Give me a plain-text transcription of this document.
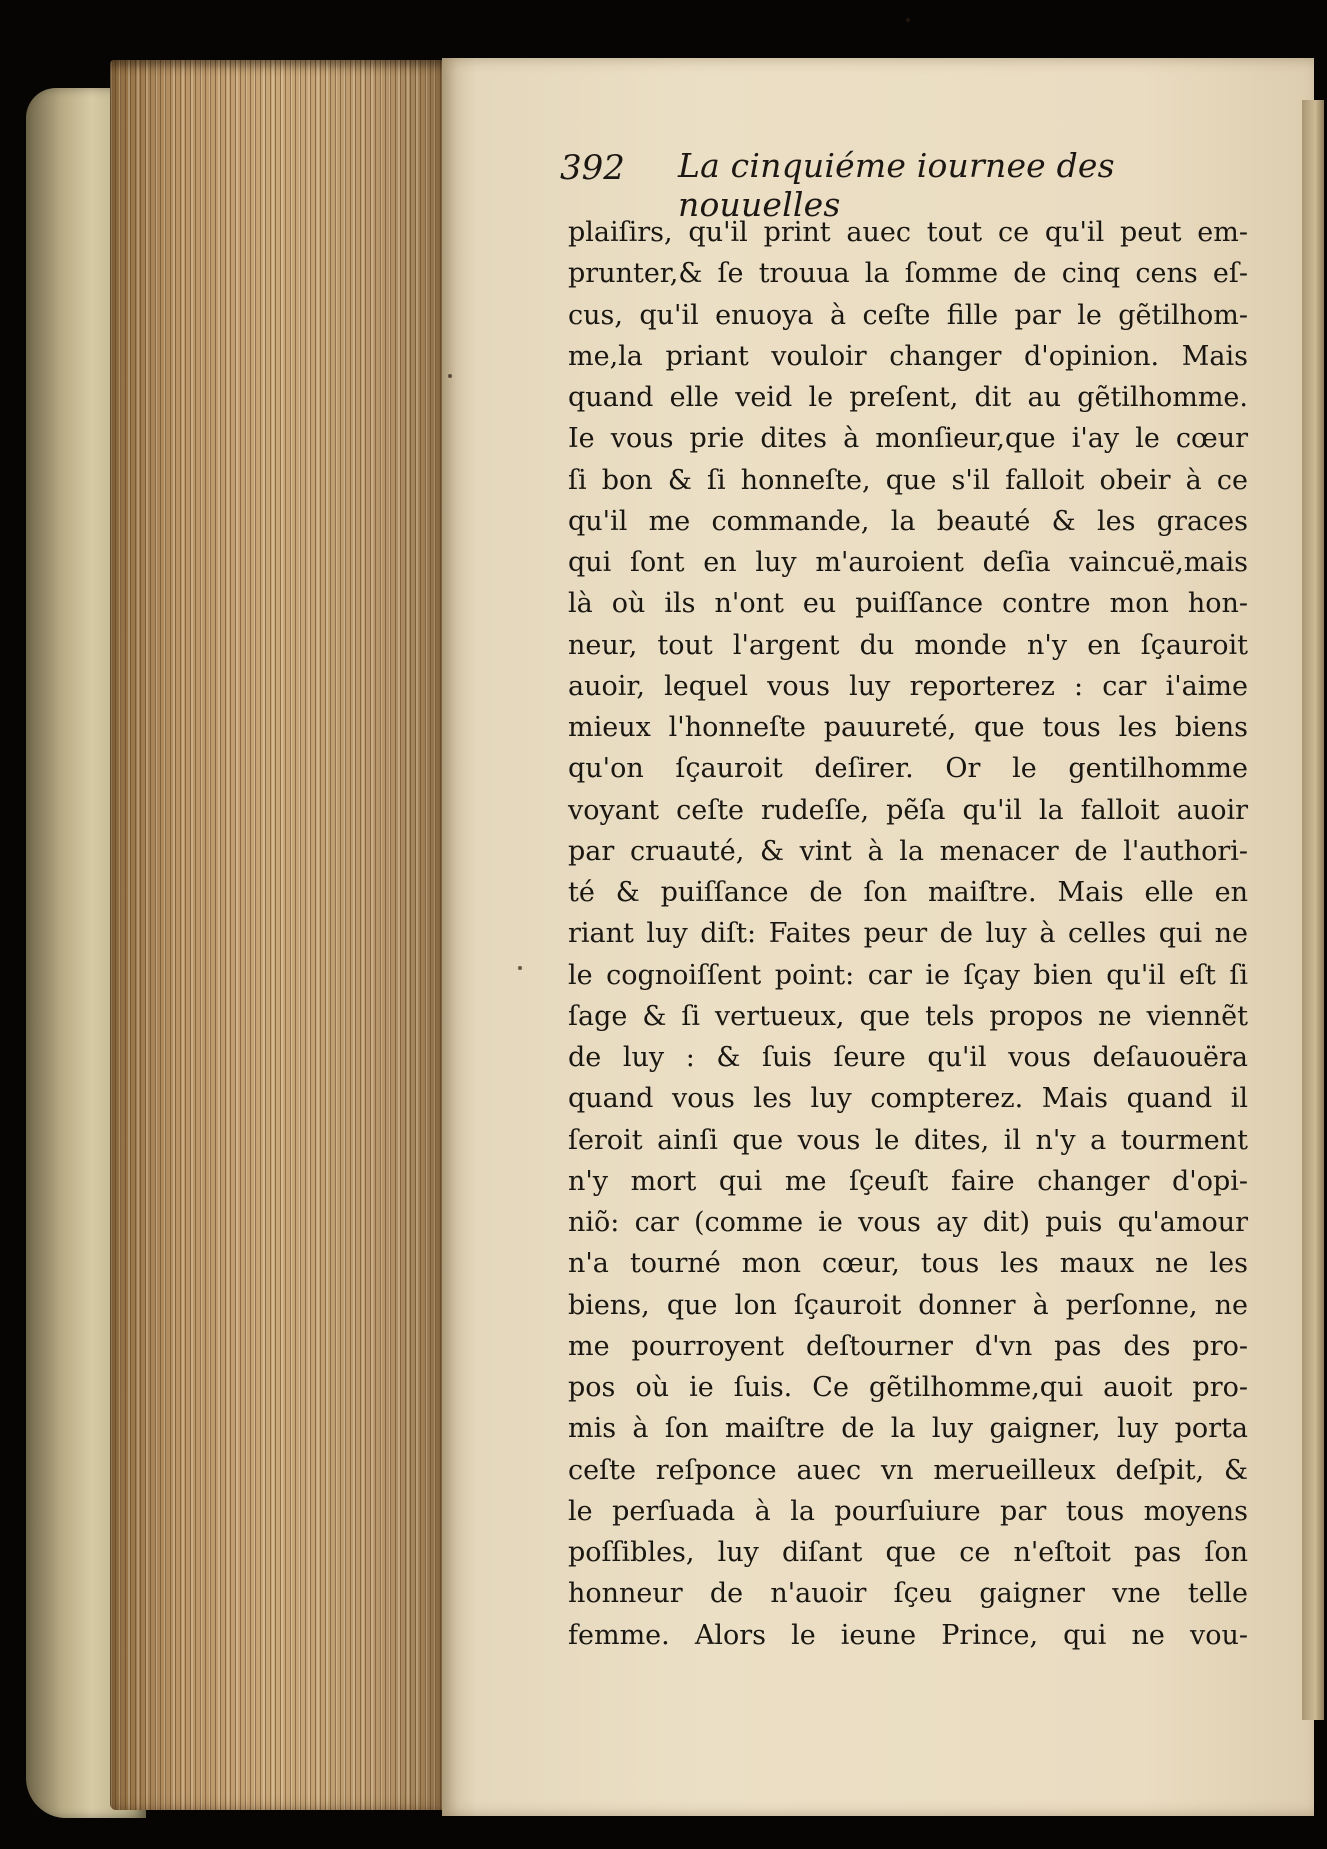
392 La cinquiéme iournee des nouuelles
plaiſirs, qu'il print auec tout ce qu'il peut em-
prunter,& ſe trouua la ſomme de cinq cens eſ-
cus, qu'il enuoya à ceſte fille par le gẽtilhom-
me,la priant vouloir changer d'opinion. Mais
quand elle veid le preſent, dit au gẽtilhomme.
Ie vous prie dites à monſieur,que i'ay le cœur
ſi bon & ſi honneſte, que s'il falloit obeir à ce
qu'il me commande, la beauté & les graces
qui ſont en luy m'auroient deſia vaincuë,mais
là où ils n'ont eu puiſſance contre mon hon-
neur, tout l'argent du monde n'y en ſçauroit
auoir, lequel vous luy reporterez : car i'aime
mieux l'honneſte pauureté, que tous les biens
qu'on ſçauroit deſirer. Or le gentilhomme
voyant ceſte rudeſſe, pẽſa qu'il la falloit auoir
par cruauté, & vint à la menacer de l'authori-
té & puiſſance de ſon maiſtre. Mais elle en
riant luy diſt: Faites peur de luy à celles qui ne
le cognoiſſent point: car ie ſçay bien qu'il eſt ſi
ſage & ſi vertueux, que tels propos ne viennẽt
de luy : & ſuis ſeure qu'il vous deſauouëra
quand vous les luy compterez. Mais quand il
ſeroit ainſi que vous le dites, il n'y a tourment
n'y mort qui me ſçeuſt faire changer d'opi-
niõ: car (comme ie vous ay dit) puis qu'amour
n'a tourné mon cœur, tous les maux ne les
biens, que lon ſçauroit donner à perſonne, ne
me pourroyent deſtourner d'vn pas des pro-
pos où ie ſuis. Ce gẽtilhomme,qui auoit pro-
mis à ſon maiſtre de la luy gaigner, luy porta
ceſte reſponce auec vn merueilleux deſpit, &
le perſuada à la pourſuiure par tous moyens
poſſibles, luy diſant que ce n'eſtoit pas ſon
honneur de n'auoir ſçeu gaigner vne telle
femme. Alors le ieune Prince, qui ne vou-
